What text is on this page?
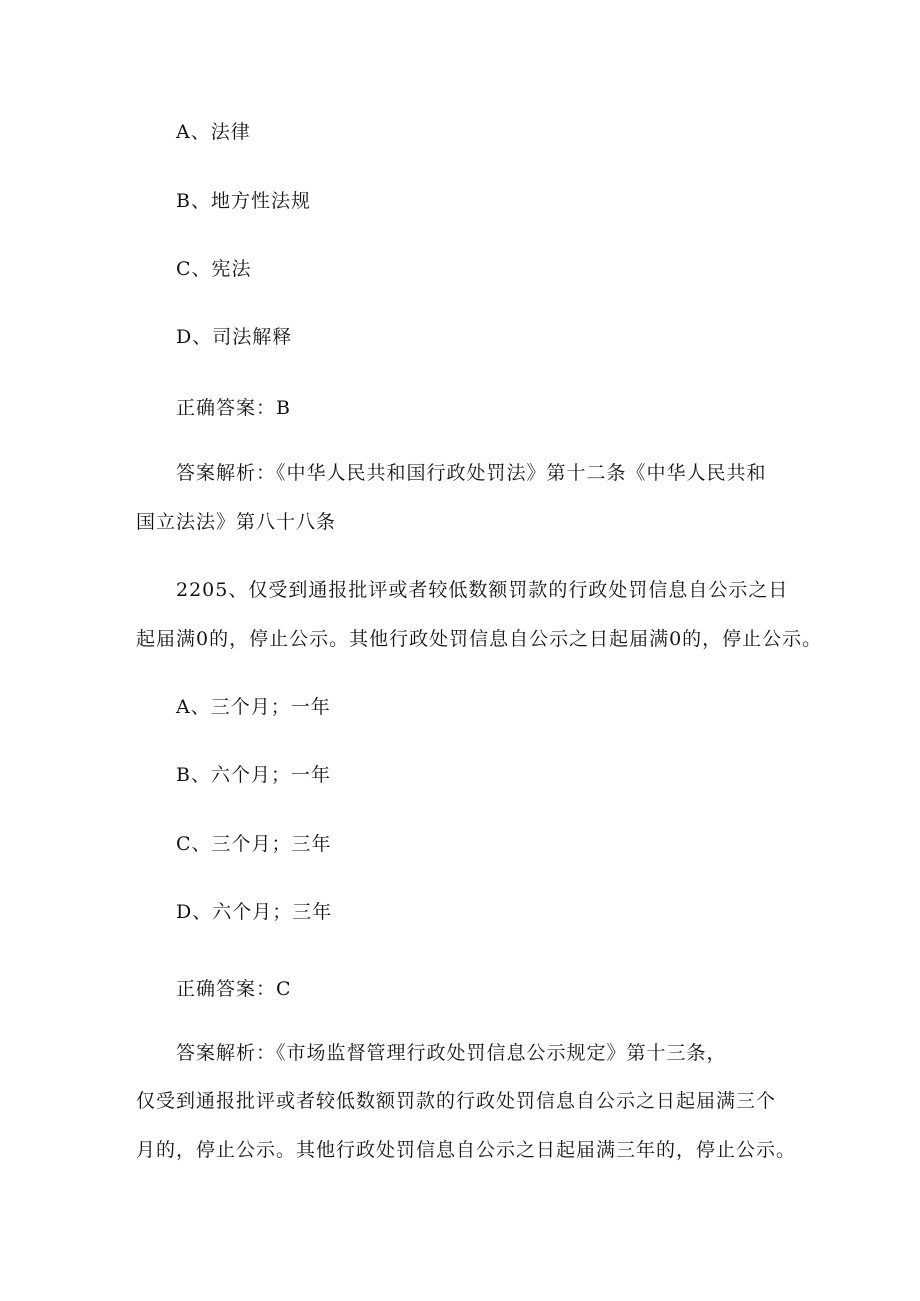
A、法律
B、地方性法规
C、宪法
D、司法解释
正确答案：B
答案解析：《中华人民共和国行政处罚法》第十二条《中华人民共和
国立法法》第八十八条
2205、仅受到通报批评或者较低数额罚款的行政处罚信息自公示之日
起届满0的，停止公示。其他行政处罚信息自公示之日起届满0的，停止公示。
A、三个月；一年
B、六个月；一年
C、三个月；三年
D、六个月；三年
正确答案：C
答案解析：《市场监督管理行政处罚信息公示规定》第十三条，
仅受到通报批评或者较低数额罚款的行政处罚信息自公示之日起届满三个
月的，停止公示。其他行政处罚信息自公示之日起届满三年的，停止公示。
